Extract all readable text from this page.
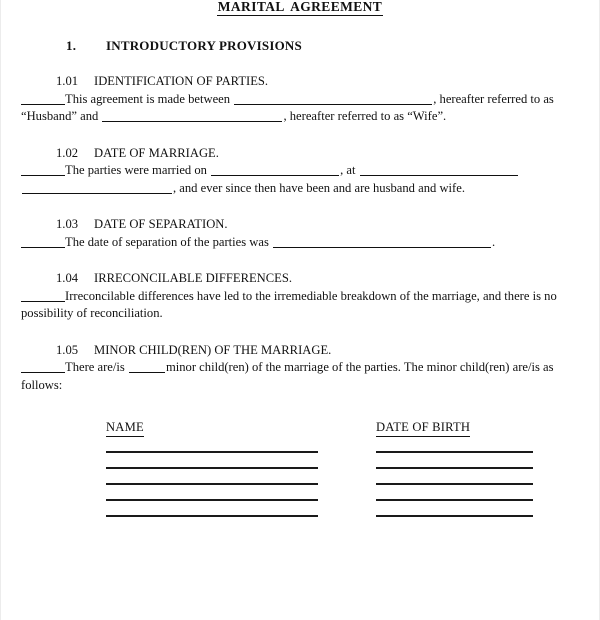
MARITAL AGREEMENT
1. INTRODUCTORY PROVISIONS
1.01 IDENTIFICATION OF PARTIES.
This agreement is made between	, hereafter referred to as “Husband” and	, hereafter referred to as “Wife”.
1.02 DATE OF MARRIAGE.
The parties were married on	, at  , and ever since then have been and are husband and wife.
1.03 DATE OF SEPARATION.
The date of separation of the parties was	.
1.04 IRRECONCILABLE DIFFERENCES.
Irreconcilable differences have led to the irremediable breakdown of the marriage, and there is no possibility of reconciliation.
1.05 MINOR CHILD(REN) OF THE MARRIAGE.
There are/is	minor child(ren) of the marriage of the parties. The minor child(ren) are/is as follows:
NAME	DATE OF BIRTH
